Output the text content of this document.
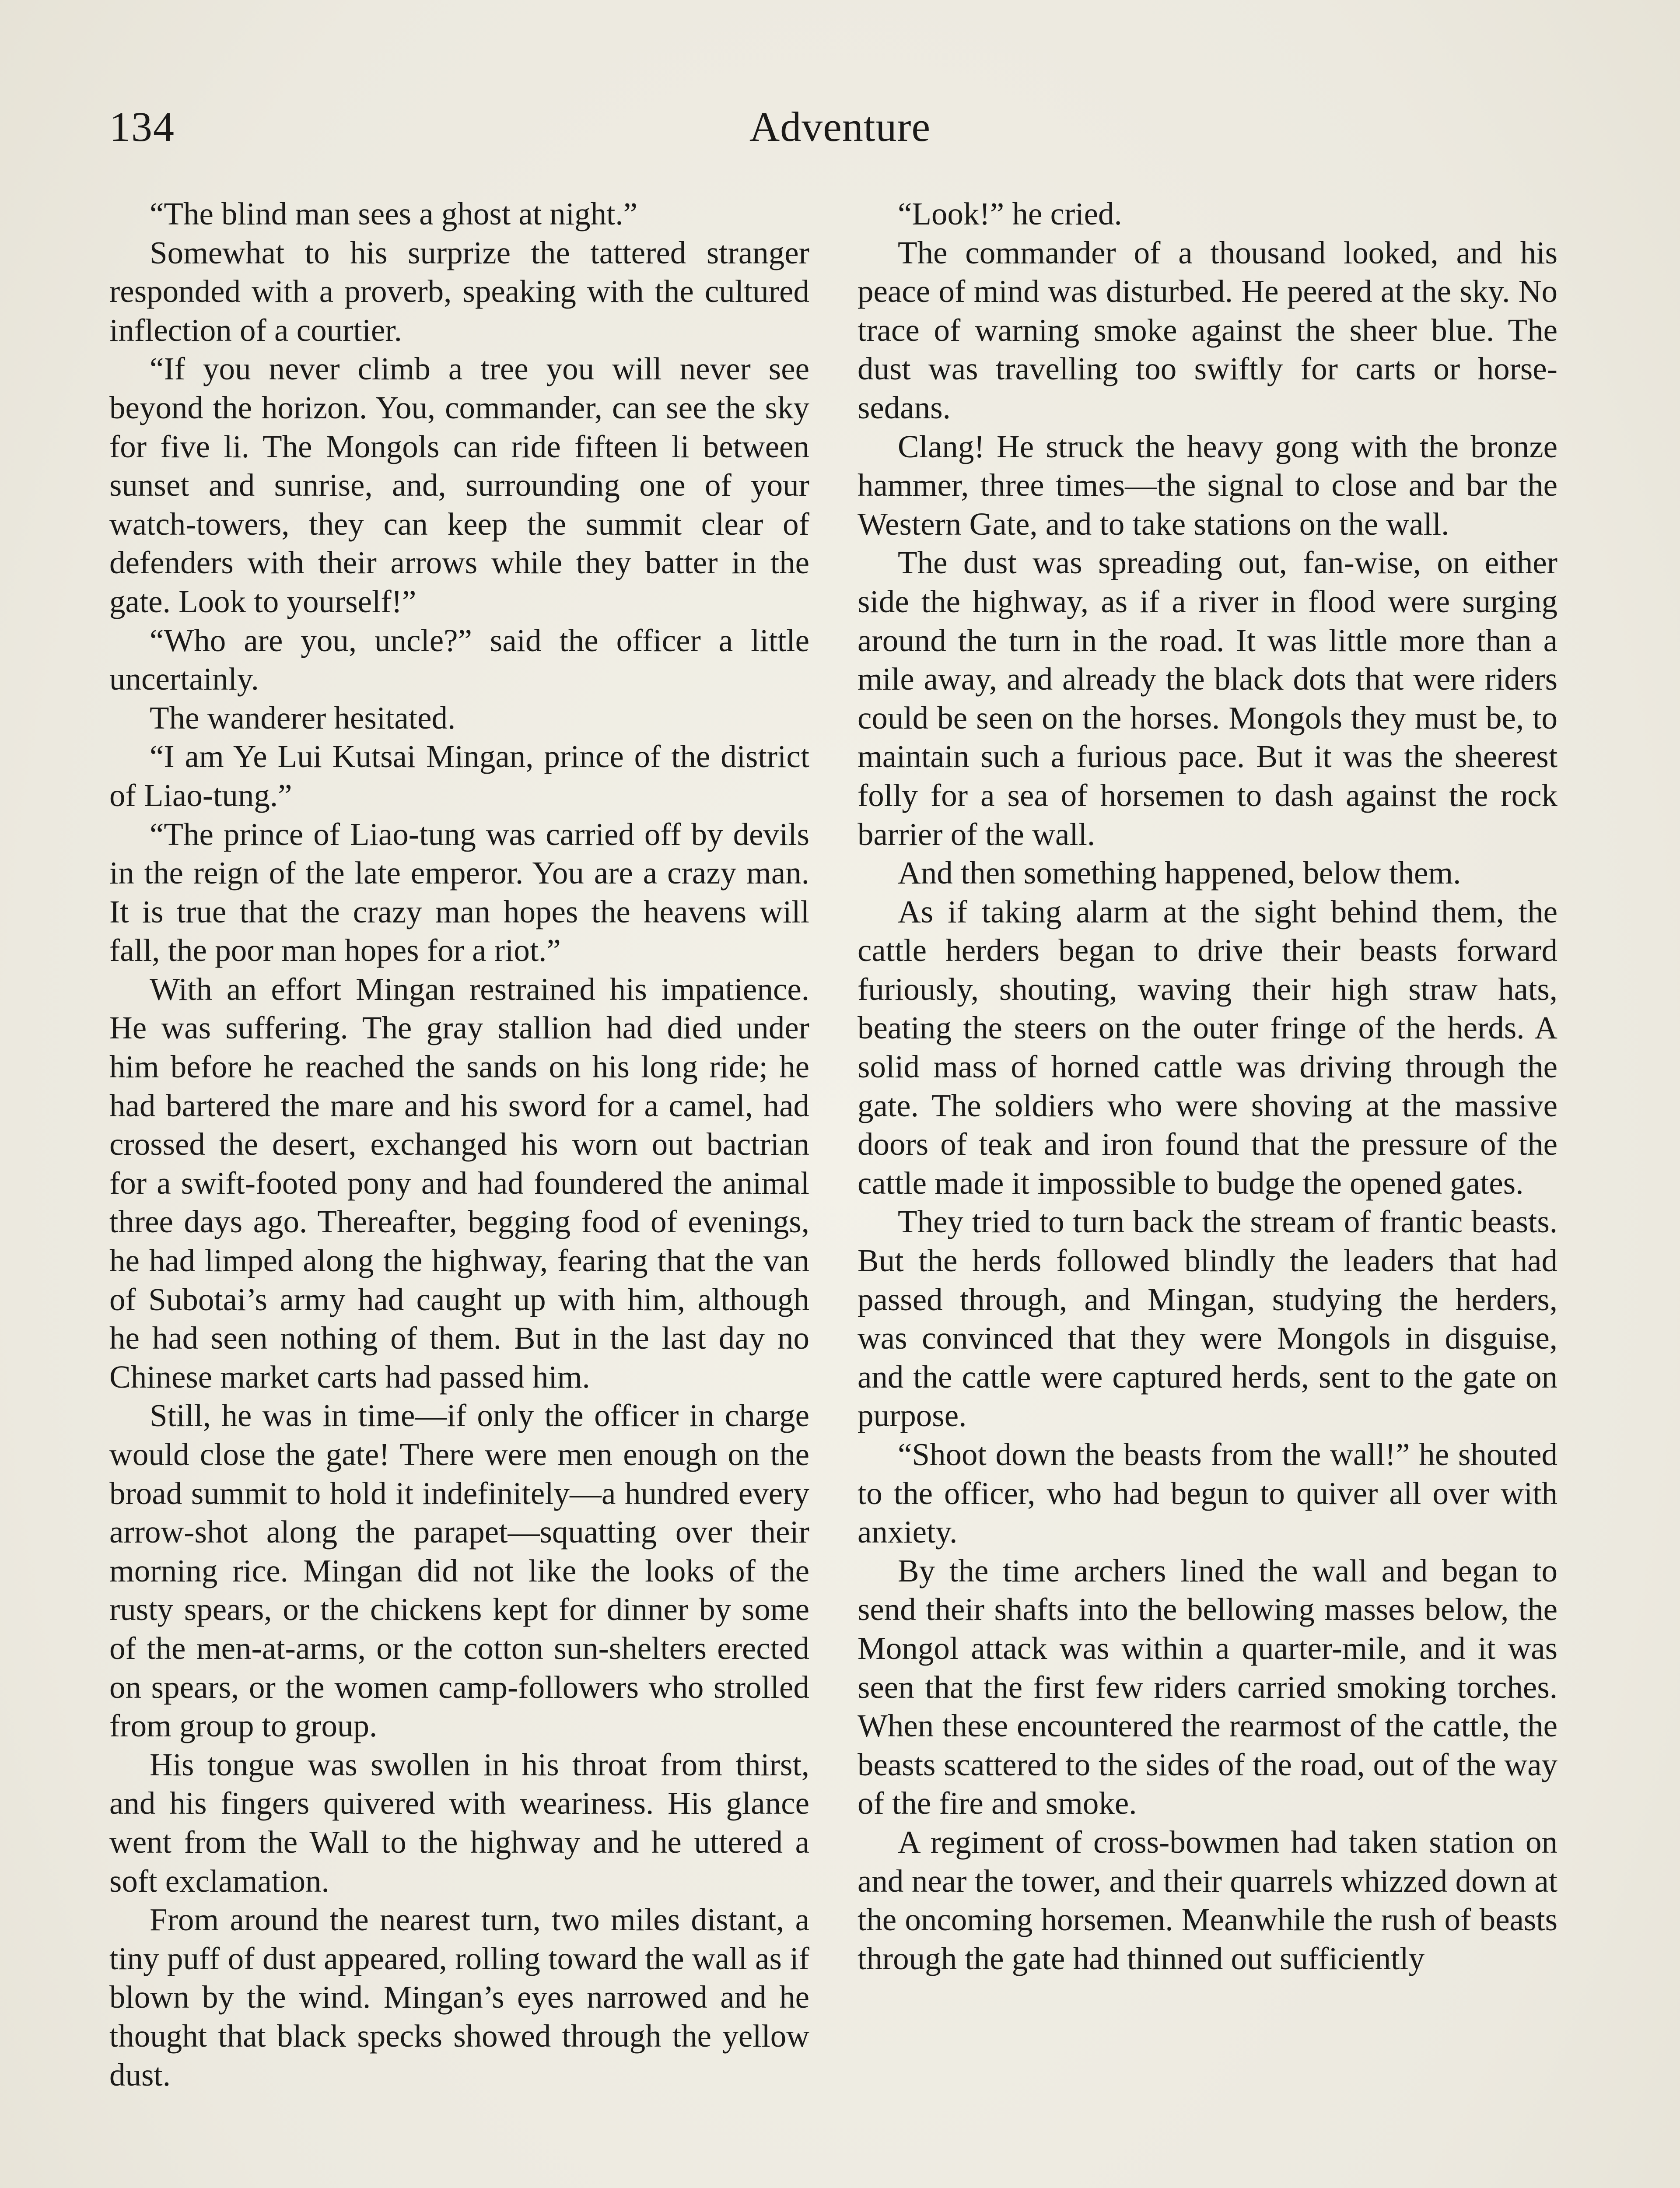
134	Adventure

“The blind man sees a ghost at night.”

Somewhat to his surprize the tattered stranger responded with a proverb, speaking with the cultured inflection of a courtier.

“If you never climb a tree you will never see beyond the horizon. You, commander, can see the sky for five li. The Mongols can ride fifteen li between sunset and sunrise, and, surrounding one of your watch-towers, they can keep the summit clear of defenders with their arrows while they batter in the gate. Look to yourself!”

“Who are you, uncle?” said the officer a little uncertainly.

The wanderer hesitated.

“I am Ye Lui Kutsai Mingan, prince of the district of Liao-tung.”

“The prince of Liao-tung was carried off by devils in the reign of the late emperor. You are a crazy man. It is true that the crazy man hopes the heavens will fall, the poor man hopes for a riot.”

With an effort Mingan restrained his impatience. He was suffering. The gray stallion had died under him before he reached the sands on his long ride; he had bartered the mare and his sword for a camel, had crossed the desert, exchanged his worn out bactrian for a swift-footed pony and had foundered the animal three days ago. Thereafter, begging food of evenings, he had limped along the highway, fearing that the van of Subotai’s army had caught up with him, although he had seen nothing of them. But in the last day no Chinese market carts had passed him.

Still, he was in time—if only the officer in charge would close the gate! There were men enough on the broad summit to hold it indefinitely—a hundred every arrow-shot along the parapet—squatting over their morning rice. Mingan did not like the looks of the rusty spears, or the chickens kept for dinner by some of the men-at-arms, or the cotton sun-shelters erected on spears, or the women camp-followers who strolled from group to group.

His tongue was swollen in his throat from thirst, and his fingers quivered with weariness. His glance went from the Wall to the highway and he uttered a soft exclamation.

From around the nearest turn, two miles distant, a tiny puff of dust appeared, rolling toward the wall as if blown by the wind. Mingan’s eyes narrowed and he thought that black specks showed through the yellow dust.

“Look!” he cried.

The commander of a thousand looked, and his peace of mind was disturbed. He peered at the sky. No trace of warning smoke against the sheer blue. The dust was travelling too swiftly for carts or horse-sedans.

Clang! He struck the heavy gong with the bronze hammer, three times—the signal to close and bar the Western Gate, and to take stations on the wall.

The dust was spreading out, fan-wise, on either side the highway, as if a river in flood were surging around the turn in the road. It was little more than a mile away, and already the black dots that were riders could be seen on the horses. Mongols they must be, to maintain such a furious pace. But it was the sheerest folly for a sea of horsemen to dash against the rock barrier of the wall.

And then something happened, below them.

As if taking alarm at the sight behind them, the cattle herders began to drive their beasts forward furiously, shouting, waving their high straw hats, beating the steers on the outer fringe of the herds. A solid mass of horned cattle was driving through the gate. The soldiers who were shoving at the massive doors of teak and iron found that the pressure of the cattle made it impossible to budge the opened gates.

They tried to turn back the stream of frantic beasts. But the herds followed blindly the leaders that had passed through, and Mingan, studying the herders, was convinced that they were Mongols in disguise, and the cattle were captured herds, sent to the gate on purpose.

“Shoot down the beasts from the wall!” he shouted to the officer, who had begun to quiver all over with anxiety.

By the time archers lined the wall and began to send their shafts into the bellowing masses below, the Mongol attack was within a quarter-mile, and it was seen that the first few riders carried smoking torches. When these encountered the rearmost of the cattle, the beasts scattered to the sides of the road, out of the way of the fire and smoke.

A regiment of cross-bowmen had taken station on and near the tower, and their quarrels whizzed down at the oncoming horsemen. Meanwhile the rush of beasts through the gate had thinned out sufficiently
